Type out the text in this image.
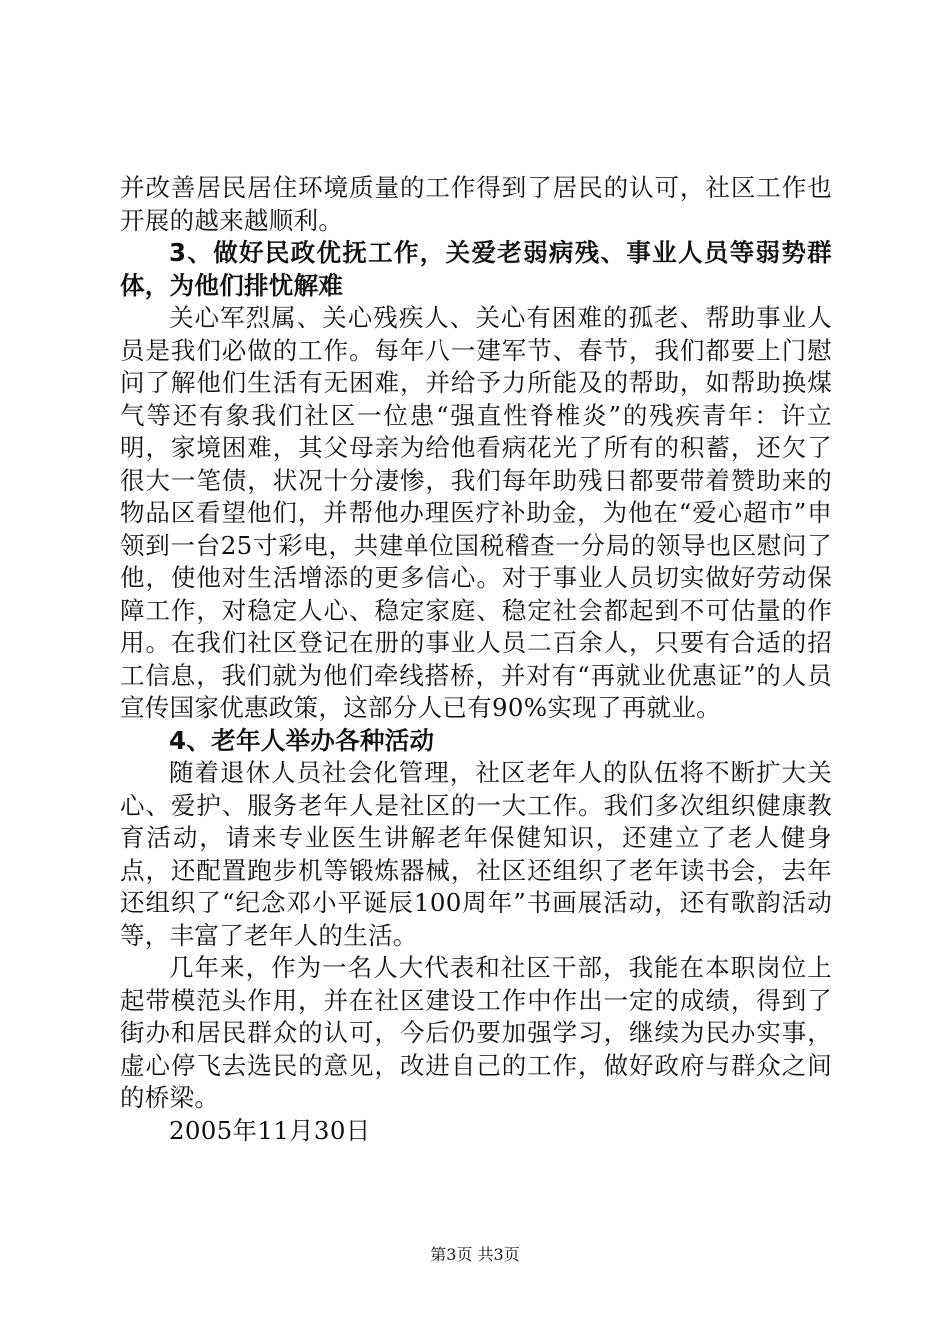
并改善居民居住环境质量的工作得到了居民的认可，社区工作也开展的越来越顺利。

3、做好民政优抚工作，关爱老弱病残、事业人员等弱势群体，为他们排忧解难

关心军烈属、关心残疾人、关心有困难的孤老、帮助事业人员是我们必做的工作。每年八一建军节、春节，我们都要上门慰问了解他们生活有无困难，并给予力所能及的帮助，如帮助换煤气等还有象我们社区一位患“强直性脊椎炎”的残疾青年：许立明，家境困难，其父母亲为给他看病花光了所有的积蓄，还欠了很大一笔债，状况十分凄惨，我们每年助残日都要带着赞助来的物品区看望他们，并帮他办理医疗补助金，为他在“爱心超市”申领到一台25寸彩电，共建单位国税稽查一分局的领导也区慰问了他，使他对生活增添的更多信心。对于事业人员切实做好劳动保障工作，对稳定人心、稳定家庭、稳定社会都起到不可估量的作用。在我们社区登记在册的事业人员二百余人，只要有合适的招工信息，我们就为他们牵线搭桥，并对有“再就业优惠证”的人员宣传国家优惠政策，这部分人已有90%实现了再就业。

4、老年人举办各种活动

随着退休人员社会化管理，社区老年人的队伍将不断扩大关心、爱护、服务老年人是社区的一大工作。我们多次组织健康教育活动，请来专业医生讲解老年保健知识，还建立了老人健身点，还配置跑步机等锻炼器械，社区还组织了老年读书会，去年还组织了“纪念邓小平诞辰100周年”书画展活动，还有歌韵活动等，丰富了老年人的生活。

几年来，作为一名人大代表和社区干部，我能在本职岗位上起带模范头作用，并在社区建设工作中作出一定的成绩，得到了街办和居民群众的认可，今后仍要加强学习，继续为民办实事，虚心停飞去选民的意见，改进自己的工作，做好政府与群众之间的桥梁。

2005年11月30日

第3页 共3页
